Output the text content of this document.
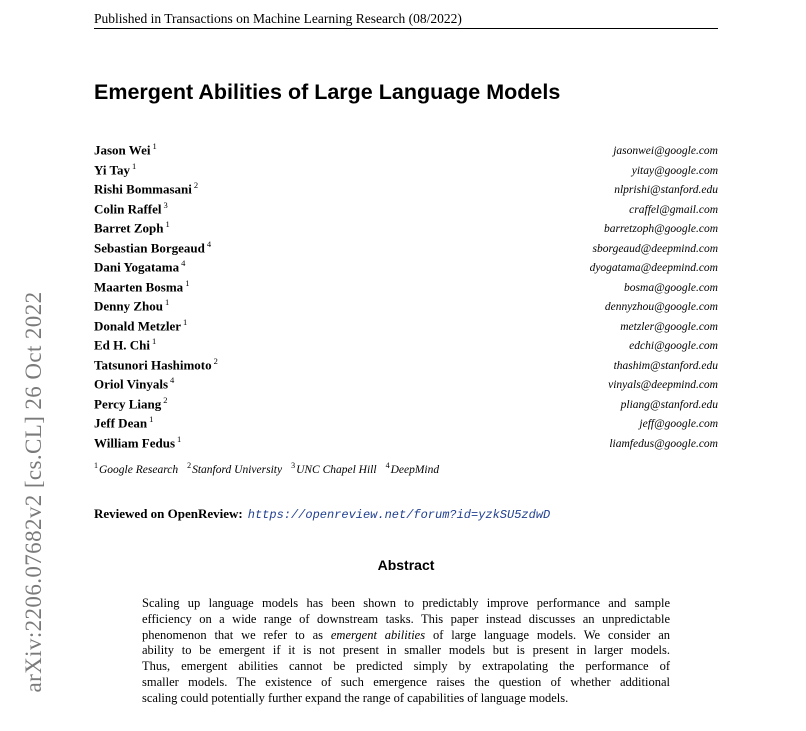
Published in Transactions on Machine Learning Research (08/2022)
Emergent Abilities of Large Language Models
Jason Wei $^1$	jasonwei@google.com
Yi Tay $^1$	yitay@google.com
Rishi Bommasani $^2$	nlprishi@stanford.edu
Colin Raffel $^3$	craffel@gmail.com
Barret Zoph $^1$	barretzoph@google.com
Sebastian Borgeaud $^4$	sborgeaud@deepmind.com
Dani Yogatama $^4$	dyogatama@deepmind.com
Maarten Bosma $^1$	bosma@google.com
Denny Zhou $^1$	dennyzhou@google.com
Donald Metzler $^1$	metzler@google.com
Ed H. Chi $^1$	edchi@google.com
Tatsunori Hashimoto $^2$	thashim@stanford.edu
Oriol Vinyals $^4$	vinyals@deepmind.com
Percy Liang $^2$	pliang@stanford.edu
Jeff Dean $^1$	jeff@google.com
William Fedus $^1$	liamfedus@google.com
$^1$Google Research $^2$Stanford University $^3$UNC Chapel Hill $^4$DeepMind
Reviewed on OpenReview: https://openreview.net/forum?id=yzkSU5zdwD
Abstract
Scaling up language models has been shown to predictably improve performance and sample
efficiency on a wide range of downstream tasks. This paper instead discusses an unpredictable
phenomenon that we refer to as emergent abilities of large language models. We consider an
ability to be emergent if it is not present in smaller models but is present in larger models.
Thus, emergent abilities cannot be predicted simply by extrapolating the performance of
smaller models. The existence of such emergence raises the question of whether additional
scaling could potentially further expand the range of capabilities of language models.
arXiv:2206.07682v2 [cs.CL] 26 Oct 2022
